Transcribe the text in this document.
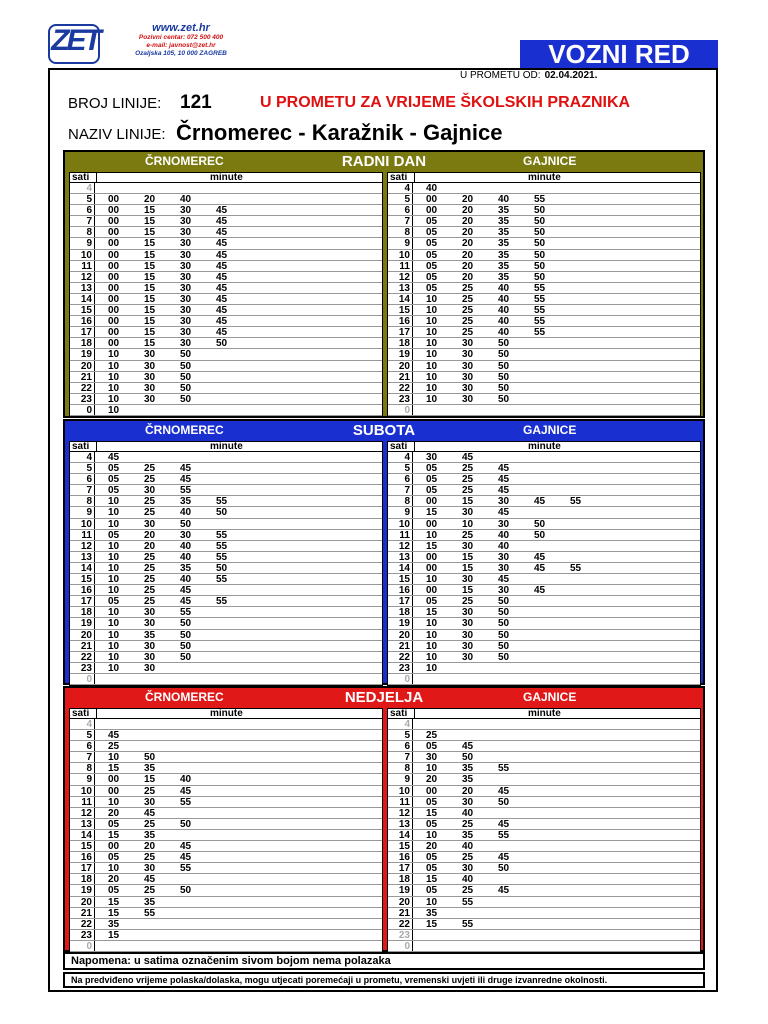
ZET	www.zet.hr
Pozivni centar: 072 500 400
e-mail: javnost@zet.hr
Ozaljska 105, 10 000 ZAGREB	VOZNI RED
U PROMETU OD: 02.04.2021.
BROJ LINIJE: 121	U PROMETU ZA VRIJEME ŠKOLSKIH PRAZNIKA
NAZIV LINIJE: Črnomerec - Karažnik - Gajnice
ČRNOMEREC	RADNI DAN	GAJNICE
sati	minute
4
5	00	20	40
6	00	15	30	45
7	00	15	30	45
8	00	15	30	45
9	00	15	30	45
10	00	15	30	45
11	00	15	30	45
12	00	15	30	45
13	00	15	30	45
14	00	15	30	45
15	00	15	30	45
16	00	15	30	45
17	00	15	30	45
18	00	15	30	50
19	10	30	50
20	10	30	50
21	10	30	50
22	10	30	50
23	10	30	50
0	10
sati	minute
4	40
5	00	20	40	55
6	00	20	35	50
7	05	20	35	50
8	05	20	35	50
9	05	20	35	50
10	05	20	35	50
11	05	20	35	50
12	05	20	35	50
13	05	25	40	55
14	10	25	40	55
15	10	25	40	55
16	10	25	40	55
17	10	25	40	55
18	10	30	50
19	10	30	50
20	10	30	50
21	10	30	50
22	10	30	50
23	10	30	50
0
ČRNOMEREC	SUBOTA	GAJNICE
sati	minute
4	45
5	05	25	45
6	05	25	45
7	05	30	55
8	10	25	35	55
9	10	25	40	50
10	10	30	50
11	05	20	30	55
12	10	20	40	55
13	10	25	40	55
14	10	25	35	50
15	10	25	40	55
16	10	25	45
17	05	25	45	55
18	10	30	55
19	10	30	50
20	10	35	50
21	10	30	50
22	10	30	50
23	10	30
0
sati	minute
4	30	45
5	05	25	45
6	05	25	45
7	05	25	45
8	00	15	30	45	55
9	15	30	45
10	00	10	30	50
11	10	25	40	50
12	15	30	40
13	00	15	30	45
14	00	15	30	45	55
15	10	30	45
16	00	15	30	45
17	05	25	50
18	15	30	50
19	10	30	50
20	10	30	50
21	10	30	50
22	10	30	50
23	10
0
ČRNOMEREC	NEDJELJA	GAJNICE
sati	minute
4
5	45
6	25
7	10	50
8	15	35
9	00	15	40
10	00	25	45
11	10	30	55
12	20	45
13	05	25	50
14	15	35
15	00	20	45
16	05	25	45
17	10	30	55
18	20	45
19	05	25	50
20	15	35
21	15	55
22	35
23	15
0
sati	minute
4
5	25
6	05	45
7	30	50
8	10	35	55
9	20	35
10	00	20	45
11	05	30	50
12	15	40
13	05	25	45
14	10	35	55
15	20	40
16	05	25	45
17	05	30	50
18	15	40
19	05	25	45
20	10	55
21	35
22	15	55
23
0
Napomena: u satima označenim sivom bojom nema polazaka
Na predviđeno vrijeme polaska/dolaska, mogu utjecati poremećaji u prometu, vremenski uvjeti ili druge izvanredne okolnosti.
